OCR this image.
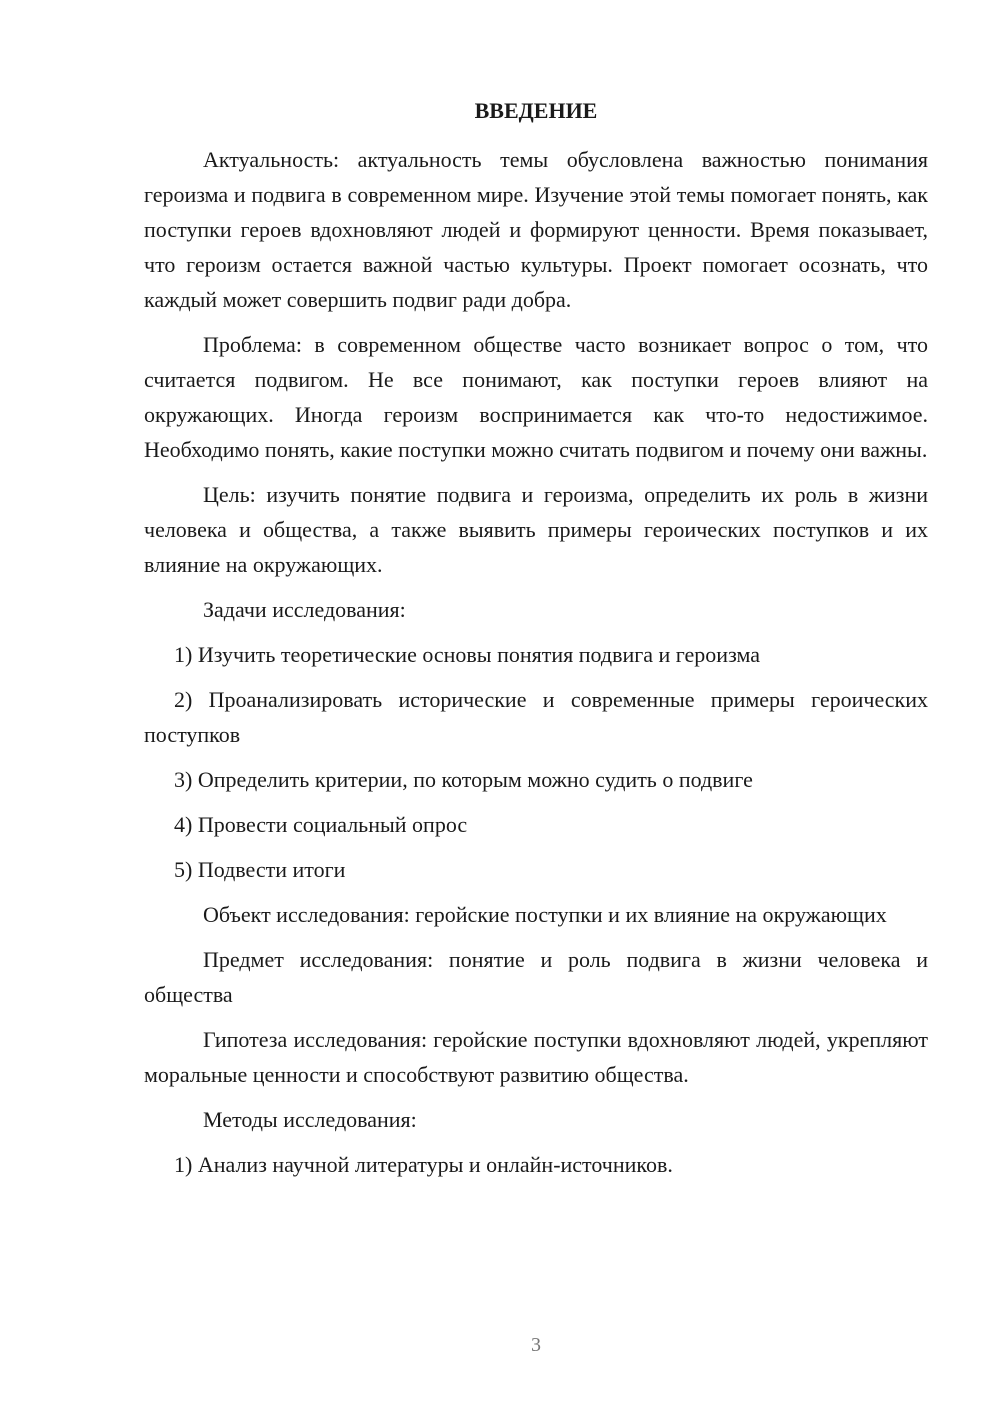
ВВЕДЕНИЕ

Актуальность: актуальность темы обусловлена важностью понимания героизма и подвига в современном мире. Изучение этой темы помогает понять, как поступки героев вдохновляют людей и формируют ценности. Время показывает, что героизм остается важной частью культуры. Проект помогает осознать, что каждый может совершить подвиг ради добра.

Проблема: в современном обществе часто возникает вопрос о том, что считается подвигом. Не все понимают, как поступки героев влияют на окружающих. Иногда героизм воспринимается как что-то недостижимое. Необходимо понять, какие поступки можно считать подвигом и почему они важны.

Цель: изучить понятие подвига и героизма, определить их роль в жизни человека и общества, а также выявить примеры героических поступков и их влияние на окружающих.

Задачи исследования:

1) Изучить теоретические основы понятия подвига и героизма

2) Проанализировать исторические и современные примеры героических поступков

3) Определить критерии, по которым можно судить о подвиге

4) Провести социальный опрос

5) Подвести итоги

Объект исследования: геройские поступки и их влияние на окружающих

Предмет исследования: понятие и роль подвига в жизни человека и общества

Гипотеза исследования: геройские поступки вдохновляют людей, укрепляют моральные ценности и способствуют развитию общества.

Методы исследования:

1) Анализ научной литературы и онлайн-источников.

3
